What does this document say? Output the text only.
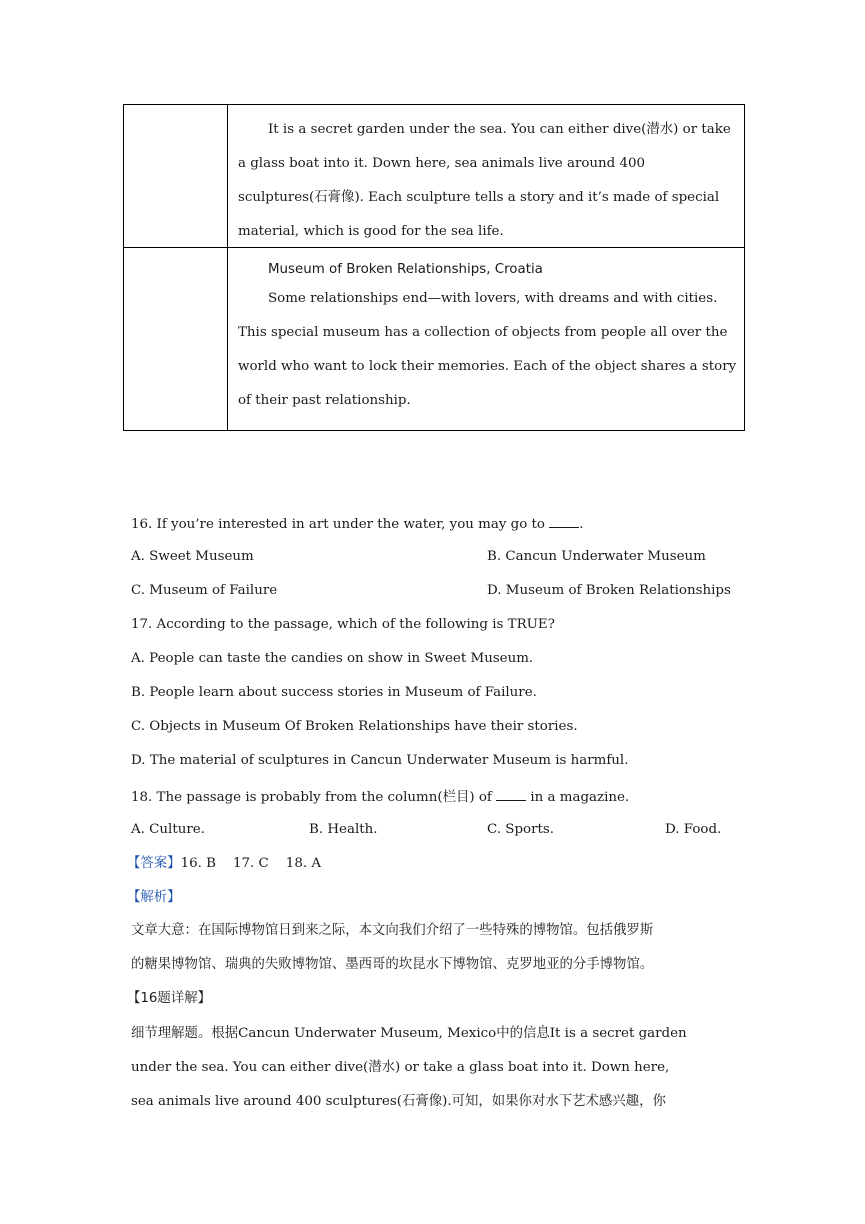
	It is a secret garden under the sea. You can either dive(潜水) or take a glass boat into it. Down here, sea animals live around 400 sculptures(石膏像). Each sculpture tells a story and it’s made of special material, which is good for the sea life.

	Museum of Broken Relationships, Croatia
Some relationships end—with lovers, with dreams and with cities. This special museum has a collection of objects from people all over the world who want to lock their memories. Each of the object shares a story of their past relationship.
16. If you’re interested in art under the water, you may go to .
A. Sweet Museum	B. Cancun Underwater Museum
C. Museum of Failure	D. Museum of Broken Relationships
17. According to the passage, which of the following is TRUE?
A. People can taste the candies on show in Sweet Museum.
B. People learn about success stories in Museum of Failure.
C. Objects in Museum Of Broken Relationships have their stories.
D. The material of sculptures in Cancun Underwater Museum is harmful.
18. The passage is probably from the column(栏目) of  in a magazine.
A. Culture.	B. Health.	C. Sports.	D. Food.
【答案】16. B    17. C    18. A
【解析】
文章大意：在国际博物馆日到来之际，本文向我们介绍了一些特殊的博物馆。包括俄罗斯
的糖果博物馆、瑞典的失败博物馆、墨西哥的坎昆水下博物馆、克罗地亚的分手博物馆。
【16题详解】
细节理解题。根据Cancun Underwater Museum, Mexico中的信息It is a secret garden
under the sea. You can either dive(潜水) or take a glass boat into it. Down here,
sea animals live around 400 sculptures(石膏像).可知，如果你对水下艺术感兴趣，你
